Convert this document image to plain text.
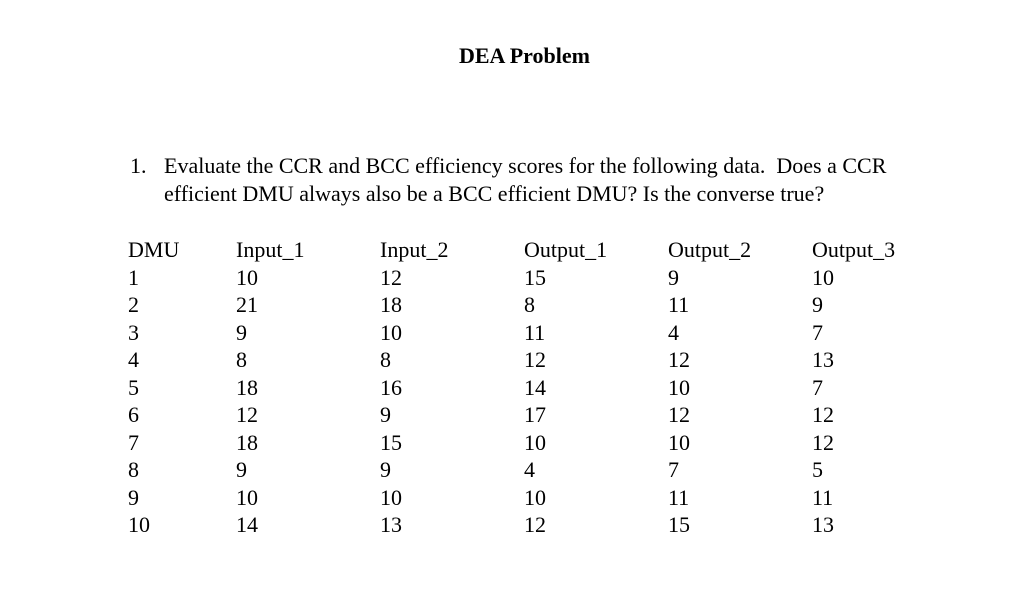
DEA Problem
1. Evaluate the CCR and BCC efficiency scores for the following data.  Does a CCR
efficient DMU always also be a BCC efficient DMU? Is the converse true?
DMU	Input_1	Input_2	Output_1	Output_2	Output_3
1	10	12	15	9	10
2	21	18	8	11	9
3	9	10	11	4	7
4	8	8	12	12	13
5	18	16	14	10	7
6	12	9	17	12	12
7	18	15	10	10	12
8	9	9	4	7	5
9	10	10	10	11	11
10	14	13	12	15	13
